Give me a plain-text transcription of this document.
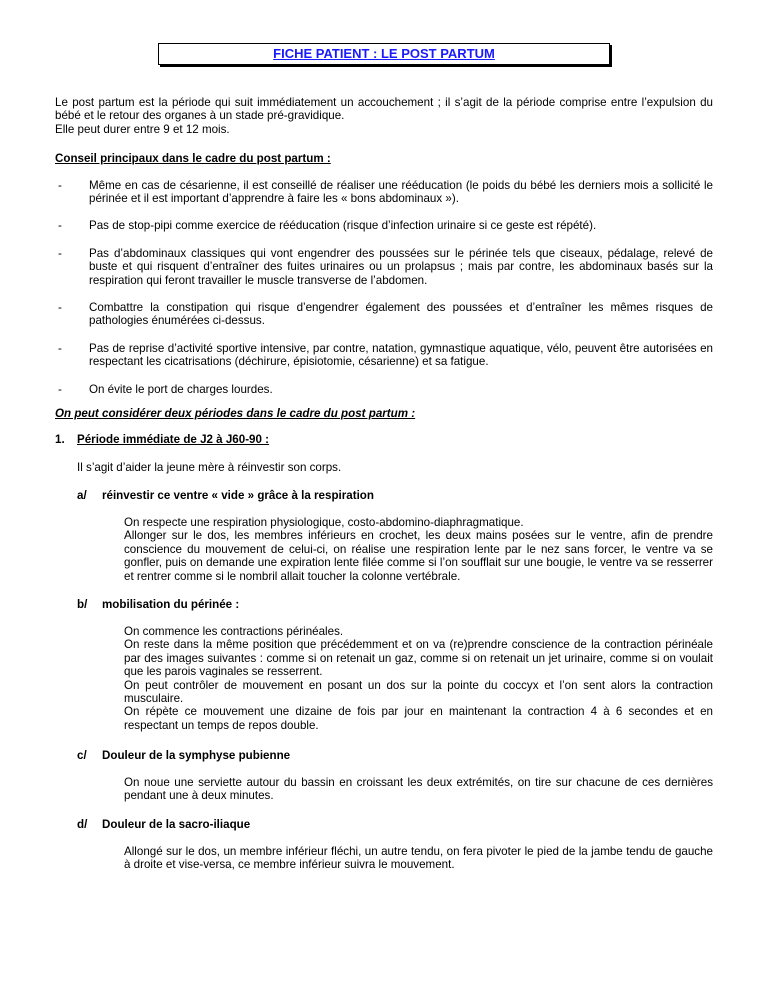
FICHE PATIENT : LE POST PARTUM

Le post partum est la période qui suit immédiatement un accouchement ; il s’agit de la période comprise entre l’expulsion du bébé et le retour des organes à un stade pré-gravidique.

Elle peut durer entre 9 et 12 mois.

Conseil principaux dans le cadre du post partum :
- Même en cas de césarienne, il est conseillé de réaliser une rééducation (le poids du bébé les derniers mois a sollicité le périnée et il est important d’apprendre à faire les « bons abdominaux »).
- Pas de stop-pipi comme exercice de rééducation (risque d’infection urinaire si ce geste est répété).
- Pas d’abdominaux classiques qui vont engendrer des poussées sur le périnée tels que ciseaux, pédalage, relevé de buste et qui risquent d’entraîner des fuites urinaires ou un prolapsus ; mais par contre, les abdominaux basés sur la respiration qui feront travailler le muscle transverse de l’abdomen.
- Combattre la constipation qui risque d’engendrer également des poussées et d’entraîner les mêmes risques de pathologies énumérées ci-dessus.
- Pas de reprise d’activité sportive intensive, par contre, natation, gymnastique aquatique, vélo, peuvent être autorisées en respectant les cicatrisations (déchirure, épisiotomie, césarienne) et sa fatigue.
- On évite le port de charges lourdes.
On peut considérer deux périodes dans le cadre du post partum :
1. Période immédiate de J2 à J60-90 :
Il s’agit d’aider la jeune mère à réinvestir son corps.
a/ réinvestir ce ventre « vide » grâce à la respiration

On respecte une respiration physiologique, costo-abdomino-diaphragmatique.

Allonger sur le dos, les membres inférieurs en crochet, les deux mains posées sur le ventre, afin de prendre conscience du mouvement de celui-ci, on réalise une respiration lente par le nez sans forcer, le ventre va se gonfler, puis on demande une expiration lente filée comme si l’on soufflait sur une bougie, le ventre va se resserrer et rentrer comme si le nombril allait toucher la colonne vertébrale.

b/ mobilisation du périnée :

On commence les contractions périnéales.

On reste dans la même position que précédemment et on va (re)prendre conscience de la contraction périnéale par des images suivantes : comme si on retenait un gaz, comme si on retenait un jet urinaire, comme si on voulait que les parois vaginales se resserrent.

On peut contrôler de mouvement en posant un dos sur la pointe du coccyx et l’on sent alors la contraction musculaire.

On répète ce mouvement une dizaine de fois par jour en maintenant la contraction 4 à 6 secondes et en respectant un temps de repos double.

c/ Douleur de la symphyse pubienne

On noue une serviette autour du bassin en croissant les deux extrémités, on tire sur chacune de ces dernières pendant une à deux minutes.

d/ Douleur de la sacro-iliaque

Allongé sur le dos, un membre inférieur fléchi, un autre tendu, on fera pivoter le pied de la jambe tendu de gauche à droite et vise-versa, ce membre inférieur suivra le mouvement.
